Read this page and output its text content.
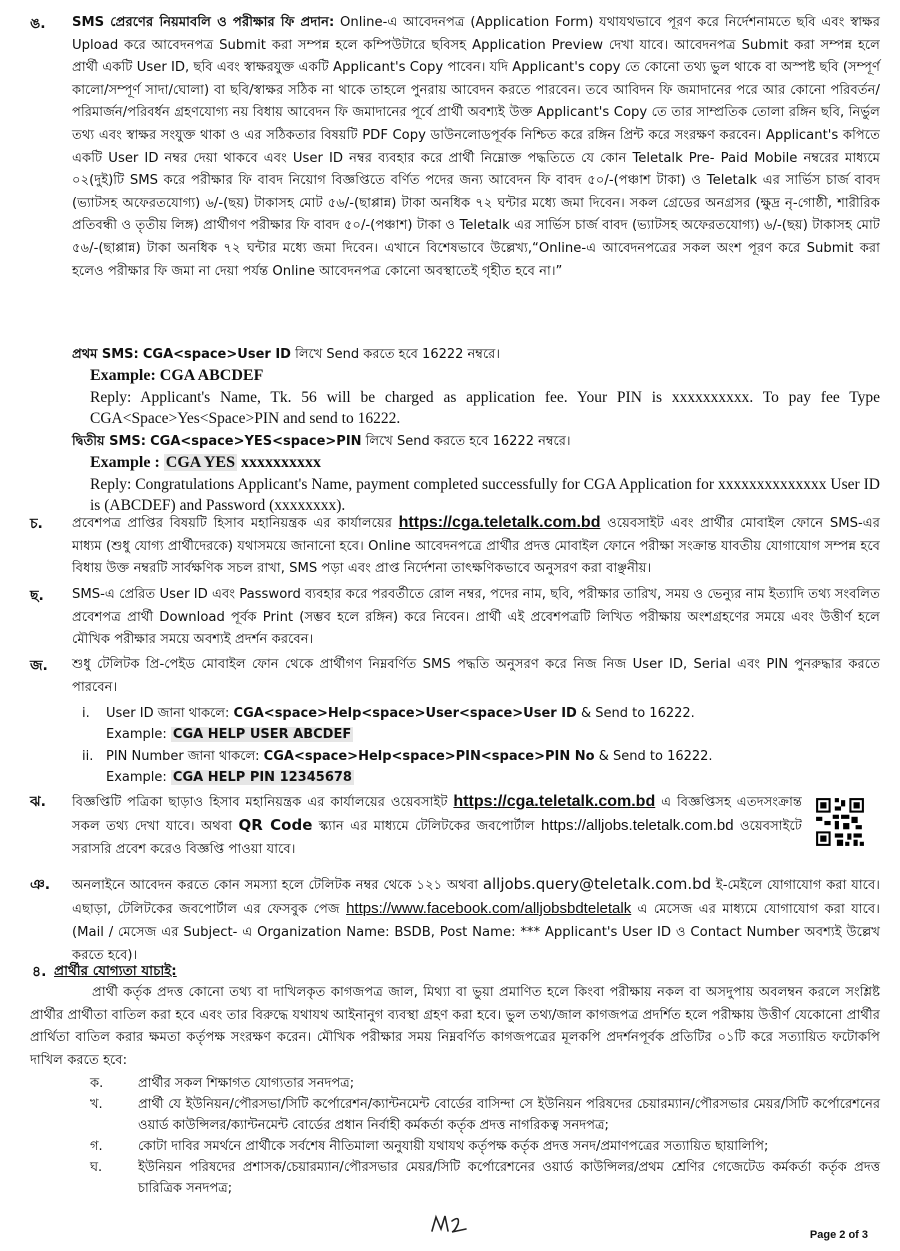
ঙ. SMS প্রেরণের নিয়মাবলি ও পরীক্ষার ফি প্রদান: Online-এ আবেদনপত্র (Application Form) যথাযথভাবে পূরণ করে নির্দেশনামতে ছবি এবং স্বাক্ষর Upload করে আবেদনপত্র Submit করা সম্পন্ন হলে কম্পিউটারে ছবিসহ Application Preview দেখা যাবে। আবেদনপত্র Submit করা সম্পন্ন হলে প্রার্থী একটি User ID, ছবি এবং স্বাক্ষরযুক্ত একটি Applicant's Copy পাবেন। যদি Applicant's copy তে কোনো তথ্য ভুল থাকে বা অস্পষ্ট ছবি (সম্পূর্ণ কালো/সম্পূর্ণ সাদা/ঘোলা) বা ছবি/স্বাক্ষর সঠিক না থাকে তাহলে পুনরায় আবেদন করতে পারবেন। তবে আবিদন ফি জমাদানের পরে আর কোনো পরিবর্তন/পরিমার্জন/পরিবর্ধন গ্রহণযোগ্য নয় বিধায় আবেদন ফি জমাদানের পূর্বে প্রার্থী অবশ্যই উক্ত Applicant's Copy তে তার সাম্প্রতিক তোলা রঙ্গিন ছবি, নির্ভুল তথ্য এবং স্বাক্ষর সংযুক্ত থাকা ও এর সঠিকতার বিষয়টি PDF Copy ডাউনলোডপূর্বক নিশ্চিত করে রঙ্গিন প্রিন্ট করে সংরক্ষণ করবেন। Applicant's কপিতে একটি User ID নম্বর দেয়া থাকবে এবং User ID নম্বর ব্যবহার করে প্রার্থী নিম্নোক্ত পদ্ধতিতে যে কোন Teletalk Pre- Paid Mobile নম্বরের মাধ্যমে ০২(দুই)টি SMS করে পরীক্ষার ফি বাবদ নিয়োগ বিজ্ঞপ্তিতে বর্ণিত পদের জন্য আবেদন ফি বাবদ ৫০/-(পঞ্চাশ টাকা) ও Teletalk এর সার্ভিস চার্জ বাবদ (ভ্যাটসহ অফেরতযোগ্য) ৬/-(ছয়) টাকাসহ মোট ৫৬/-(ছাপ্পান্ন) টাকা অনধিক ৭২ ঘন্টার মধ্যে জমা দিবেন। সকল গ্রেডের অনগ্রসর (ক্ষুদ্র নৃ-গোষ্ঠী, শারীরিক প্রতিবন্ধী ও তৃতীয় লিঙ্গ) প্রার্থীগণ পরীক্ষার ফি বাবদ ৫০/-(পঞ্চাশ) টাকা ও Teletalk এর সার্ভিস চার্জ বাবদ (ভ্যাটসহ অফেরতযোগ্য) ৬/-(ছয়) টাকাসহ মোট ৫৬/-(ছাপ্পান্ন) টাকা অনধিক ৭২ ঘন্টার মধ্যে জমা দিবেন। এখানে বিশেষভাবে উল্লেখ্য,“Online-এ আবেদনপত্রের সকল অংশ পূরণ করে Submit করা হলেও পরীক্ষার ফি জমা না দেয়া পর্যন্ত Online আবেদনপত্র কোনো অবস্থাতেই গৃহীত হবে না।”
প্রথম SMS: CGA<space>User ID লিখে Send করতে হবে 16222 নম্বরে।
Example: CGA ABCDEF
Reply: Applicant's Name, Tk. 56 will be charged as application fee. Your PIN is xxxxxxxxxx. To pay fee Type CGA<Space>Yes<Space>PIN and send to 16222.
দ্বিতীয় SMS: CGA<space>YES<space>PIN লিখে Send করতে হবে 16222 নম্বরে।
Example : CGA YES xxxxxxxxxx
Reply: Congratulations Applicant's Name, payment completed successfully for CGA Application for xxxxxxxxxxxxxx User ID is (ABCDEF) and Password (xxxxxxxx).
চ. প্রবেশপত্র প্রাপ্তির বিষয়টি হিসাব মহানিয়ন্ত্রক এর কার্যালয়ের https://cga.teletalk.com.bd ওয়েবসাইট এবং প্রার্থীর মোবাইল ফোনে SMS-এর মাধ্যম (শুধু যোগ্য প্রার্থীদেরকে) যথাসময়ে জানানো হবে। Online আবেদনপত্রে প্রার্থীর প্রদত্ত মোবাইল ফোনে পরীক্ষা সংক্রান্ত যাবতীয় যোগাযোগ সম্পন্ন হবে বিধায় উক্ত নম্বরটি সার্বক্ষণিক সচল রাখা, SMS পড়া এবং প্রাপ্ত নির্দেশনা তাৎক্ষণিকভাবে অনুসরণ করা বাঞ্ছনীয়।
ছ. SMS-এ প্রেরিত User ID এবং Password ব্যবহার করে পরবর্তীতে রোল নম্বর, পদের নাম, ছবি, পরীক্ষার তারিখ, সময় ও ভেন্যুর নাম ইত্যাদি তথ্য সংবলিত প্রবেশপত্র প্রার্থী Download পূর্বক Print (সম্ভব হলে রঙ্গিন) করে নিবেন। প্রার্থী এই প্রবেশপত্রটি লিখিত পরীক্ষায় অংশগ্রহণের সময়ে এবং উত্তীর্ণ হলে মৌখিক পরীক্ষার সময়ে অবশ্যই প্রদর্শন করবেন।
জ. শুধু টেলিটক প্রি-পেইড মোবাইল ফোন থেকে প্রার্থীগণ নিম্নবর্ণিত SMS পদ্ধতি অনুসরণ করে নিজ নিজ User ID, Serial এবং PIN পুনরুদ্ধার করতে পারবেন।
i. User ID জানা থাকলে: CGA<space>Help<space>User<space>User ID & Send to 16222.
Example: CGA HELP USER ABCDEF
ii. PIN Number জানা থাকলে: CGA<space>Help<space>PIN<space>PIN No & Send to 16222.
Example: CGA HELP PIN 12345678
ঝ. বিজ্ঞপ্তিটি পত্রিকা ছাড়াও হিসাব মহানিয়ন্ত্রক এর কার্যালয়ের ওয়েবসাইট https://cga.teletalk.com.bd এ বিজ্ঞপ্তিসহ এতদসংক্রান্ত সকল তথ্য দেখা যাবে। অথবা QR Code স্ক্যান এর মাধ্যমে টেলিটকের জবপোর্টাল https://alljobs.teletalk.com.bd ওয়েবসাইটে সরাসরি প্রবেশ করেও বিজ্ঞপ্তি পাওয়া যাবে।
ঞ. অনলাইনে আবেদন করতে কোন সমস্যা হলে টেলিটক নম্বর থেকে ১২১ অথবা alljobs.query@teletalk.com.bd ই-মেইলে যোগাযোগ করা যাবে। এছাড়া, টেলিটকের জবপোর্টাল এর ফেসবুক পেজ https://www.facebook.com/alljobsbdteletalk এ মেসেজ এর মাধ্যমে যোগাযোগ করা যাবে। (Mail / মেসেজ এর Subject- এ Organization Name: BSDB, Post Name: *** Applicant's User ID ও Contact Number অবশ্যই উল্লেখ করতে হবে)।
৪. প্রার্থীর যোগ্যতা যাচাই:
প্রার্থী কর্তৃক প্রদত্ত কোনো তথ্য বা দাখিলকৃত কাগজপত্র জাল, মিথ্যা বা ভুয়া প্রমাণিত হলে কিংবা পরীক্ষায় নকল বা অসদুপায় অবলম্বন করলে সংশ্লিষ্ট প্রার্থীর প্রার্থীতা বাতিল করা হবে এবং তার বিরুদ্ধে যথাযথ আইনানুগ ব্যবস্থা গ্রহণ করা হবে। ভুল তথ্য/জাল কাগজপত্র প্রদর্শিত হলে পরীক্ষায় উত্তীর্ণ যেকোনো প্রার্থীর প্রার্থিতা বাতিল করার ক্ষমতা কর্তৃপক্ষ সংরক্ষণ করেন। মৌখিক পরীক্ষার সময় নিম্নবর্ণিত কাগজপত্রের মূলকপি প্রদর্শনপূর্বক প্রতিটির ০১টি করে সত্যায়িত ফটোকপি দাখিল করতে হবে:
ক.	প্রার্থীর সকল শিক্ষাগত যোগ্যতার সনদপত্র;
খ.	প্রার্থী যে ইউনিয়ন/পৌরসভা/সিটি কর্পোরেশন/ক্যান্টনমেন্ট বোর্ডের বাসিন্দা সে ইউনিয়ন পরিষদের চেয়ারম্যান/পৌরসভার মেয়র/সিটি কর্পোরেশনের ওয়ার্ড কাউন্সিলর/ক্যান্টনমেন্ট বোর্ডের প্রধান নির্বাহী কর্মকর্তা কর্তৃক প্রদত্ত নাগরিকত্ব সনদপত্র;
গ.	কোটা দাবির সমর্থনে প্রার্থীকে সর্বশেষ নীতিমালা অনুযায়ী যথাযথ কর্তৃপক্ষ কর্তৃক প্রদত্ত সনদ/প্রমাণপত্রের সত্যায়িত ছায়ালিপি;
ঘ.	ইউনিয়ন পরিষদের প্রশাসক/চেয়ারম্যান/পৌরসভার মেয়র/সিটি কর্পোরেশনের ওয়ার্ড কাউন্সিলর/প্রথম শ্রেণির গেজেটেড কর্মকর্তা কর্তৃক প্রদত্ত চারিত্রিক সনদপত্র;
Page 2 of 3
